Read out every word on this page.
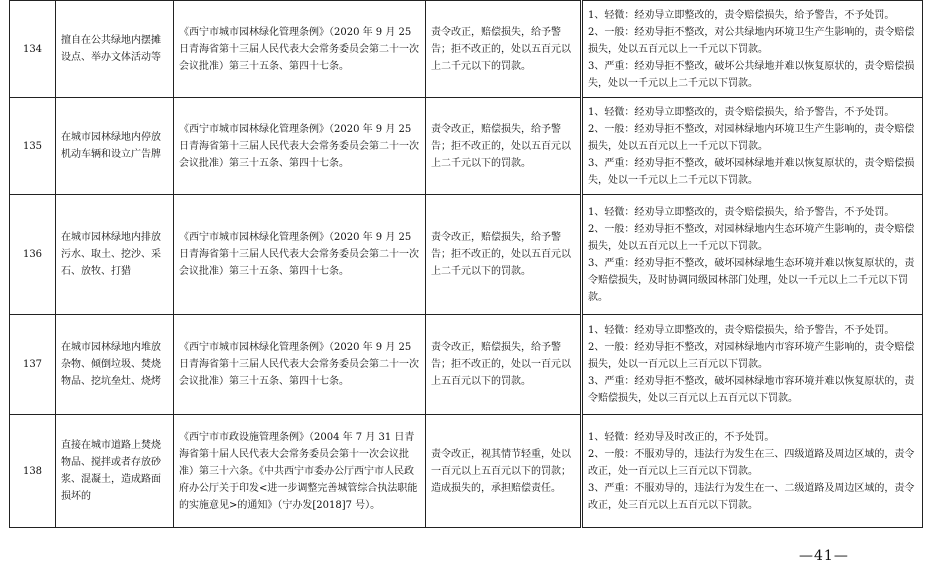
134	擅自在公共绿地内摆摊设点、举办文体活动等	《西宁市城市园林绿化管理条例》（2020 年 9 月 25 日青海省第十三届人民代表大会常务委员会第二十一次会议批准）第三十五条、第四十七条。	责令改正，赔偿损失，给予警告；拒不改正的，处以五百元以上二千元以下的罚款。	1、轻微：经劝导立即整改的，责令赔偿损失，给予警告，不予处罚。
2、一般：经劝导拒不整改，对公共绿地内环境卫生产生影响的，责令赔偿损失，处以五百元以上一千元以下罚款。
3、严重：经劝导拒不整改，破坏公共绿地并难以恢复原状的，责令赔偿损失，处以一千元以上二千元以下罚款。

135	在城市园林绿地内停放机动车辆和设立广告牌	《西宁市城市园林绿化管理条例》（2020 年 9 月 25 日青海省第十三届人民代表大会常务委员会第二十一次会议批准）第三十五条、第四十七条。	责令改正，赔偿损失，给予警告；拒不改正的，处以五百元以上二千元以下的罚款。	1、轻微：经劝导立即整改的，责令赔偿损失，给予警告，不予处罚。
2、一般：经劝导拒不整改，对园林绿地内环境卫生产生影响的，责令赔偿损失，处以五百元以上一千元以下罚款。
3、严重：经劝导拒不整改，破坏园林绿地并难以恢复原状的，责令赔偿损失，处以一千元以上二千元以下罚款。

136	在城市园林绿地内排放污水、取土、挖沙、采石、放牧、打猎	《西宁市城市园林绿化管理条例》（2020 年 9 月 25 日青海省第十三届人民代表大会常务委员会第二十一次会议批准）第三十五条、第四十七条。	责令改正，赔偿损失，给予警告；拒不改正的，处以五百元以上二千元以下的罚款。	1、轻微：经劝导立即整改的，责令赔偿损失，给予警告，不予处罚。
2、一般：经劝导拒不整改，对园林绿地内生态环境产生影响的，责令赔偿损失，处以五百元以上一千元以下罚款。
3、严重：经劝导拒不整改，破坏园林绿地生态环境并难以恢复原状的，责令赔偿损失，及时协调同级园林部门处理，处以一千元以上二千元以下罚款。

137	在城市园林绿地内堆放杂物、倾倒垃圾、焚烧物品、挖坑垒灶、烧烤	《西宁市城市园林绿化管理条例》（2020 年 9 月 25 日青海省第十三届人民代表大会常务委员会第二十一次会议批准）第三十五条、第四十七条。	责令改正，赔偿损失，给予警告；拒不改正的，处以一百元以上五百元以下的罚款。	1、轻微：经劝导立即整改的，责令赔偿损失，给予警告，不予处罚。
2、一般：经劝导拒不整改，对园林绿地内市容环境产生影响的，责令赔偿损失，处以一百元以上三百元以下罚款。
3、严重：经劝导拒不整改，破坏园林绿地市容环境并难以恢复原状的，责令赔偿损失，处以三百元以上五百元以下罚款。

138	直接在城市道路上焚烧物品、搅拌或者存放砂浆、混凝土，造成路面损坏的	《西宁市市政设施管理条例》（2004 年 7 月 31 日青海省第十届人民代表大会常务委员会第十一次会议批准）第三十六条。《中共西宁市委办公厅西宁市人民政府办公厅关于印发<进一步调整完善城管综合执法职能的实施意见>的通知》（宁办发[2018]7 号）。	责令改正，视其情节轻重，处以一百元以上五百元以下的罚款；造成损失的，承担赔偿责任。	1、轻微：经劝导及时改正的，不予处罚。
2、一般：不服劝导的，违法行为发生在三、四级道路及周边区域的，责令改正，处一百元以上三百元以下罚款。
3、严重：不服劝导的，违法行为发生在一、二级道路及周边区域的，责令改正，处三百元以上五百元以下罚款。
—41—
